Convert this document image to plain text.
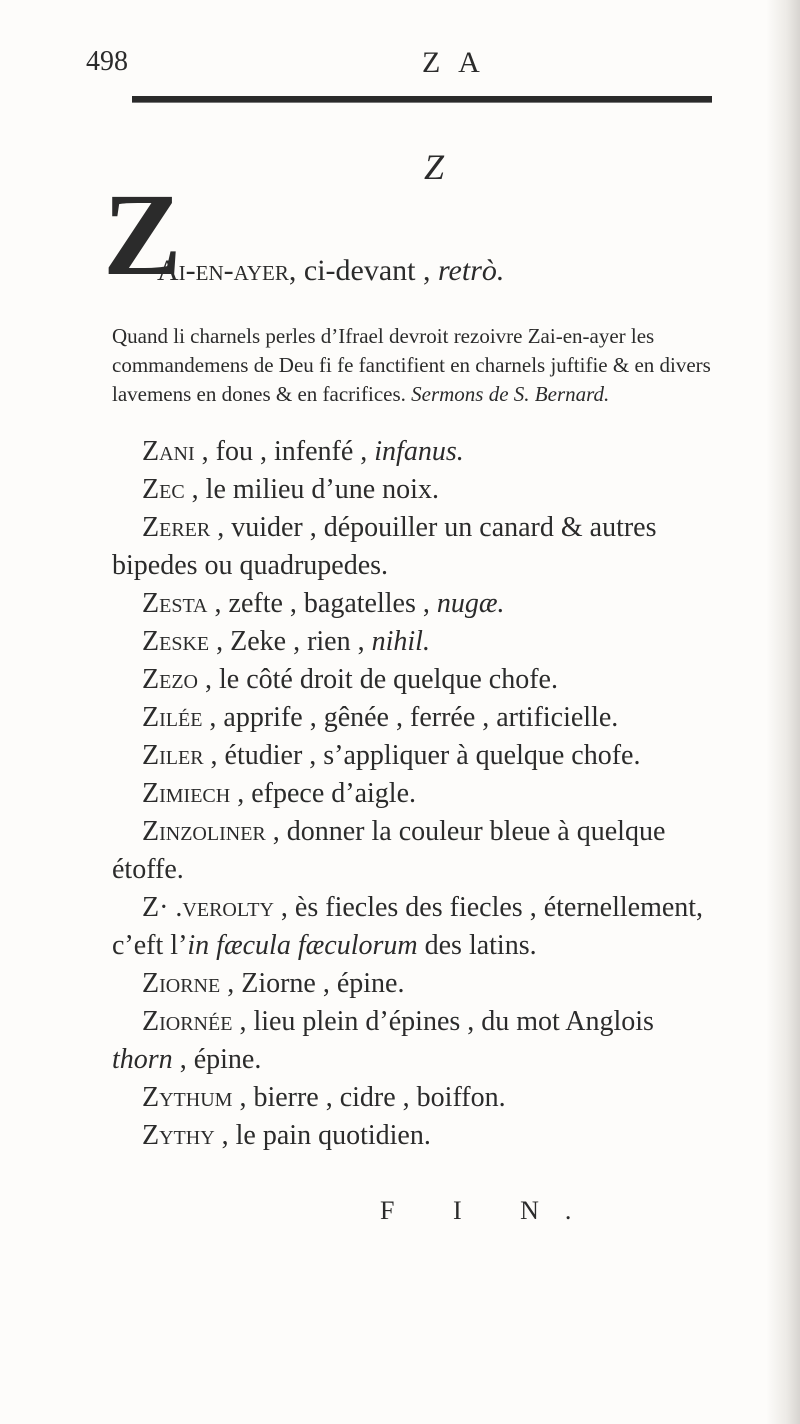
498	Z A
Z
Z
Ai-en-ayer, ci-devant , retrò.
Quand li charnels perles d’Ifrael devroit rezoivre Zai-en-ayer les commandemens de Deu fi fe fanctifient en charnels juftifie & en divers lavemens en dones & en facrifices. Sermons de S. Bernard.
Zani , fou , infenfé , infanus.
Zec , le milieu d’une noix.
Zerer , vuider , dépouiller un canard & autres
bipedes ou quadrupedes.
Zesta , zefte , bagatelles , nugæ.
Zeske , Zeke , rien , nihil.
Zezo , le côté droit de quelque chofe.
Zilée , apprife , gênée , ferrée , artificielle.
Ziler , étudier , s’appliquer à quelque chofe.
Zimiech , efpece d’aigle.
Zinzoliner , donner la couleur bleue à quelque
étoffe.
Z· .verolty , ès fiecles des fiecles , éternellement,
c’eft l’in fæcula fæculorum des latins.
Ziorne , Ziorne , épine.
Ziornée , lieu plein d’épines , du mot Anglois
thorn , épine.
Zythum , bierre , cidre , boiffon.
Zythy , le pain quotidien.
F I N.
